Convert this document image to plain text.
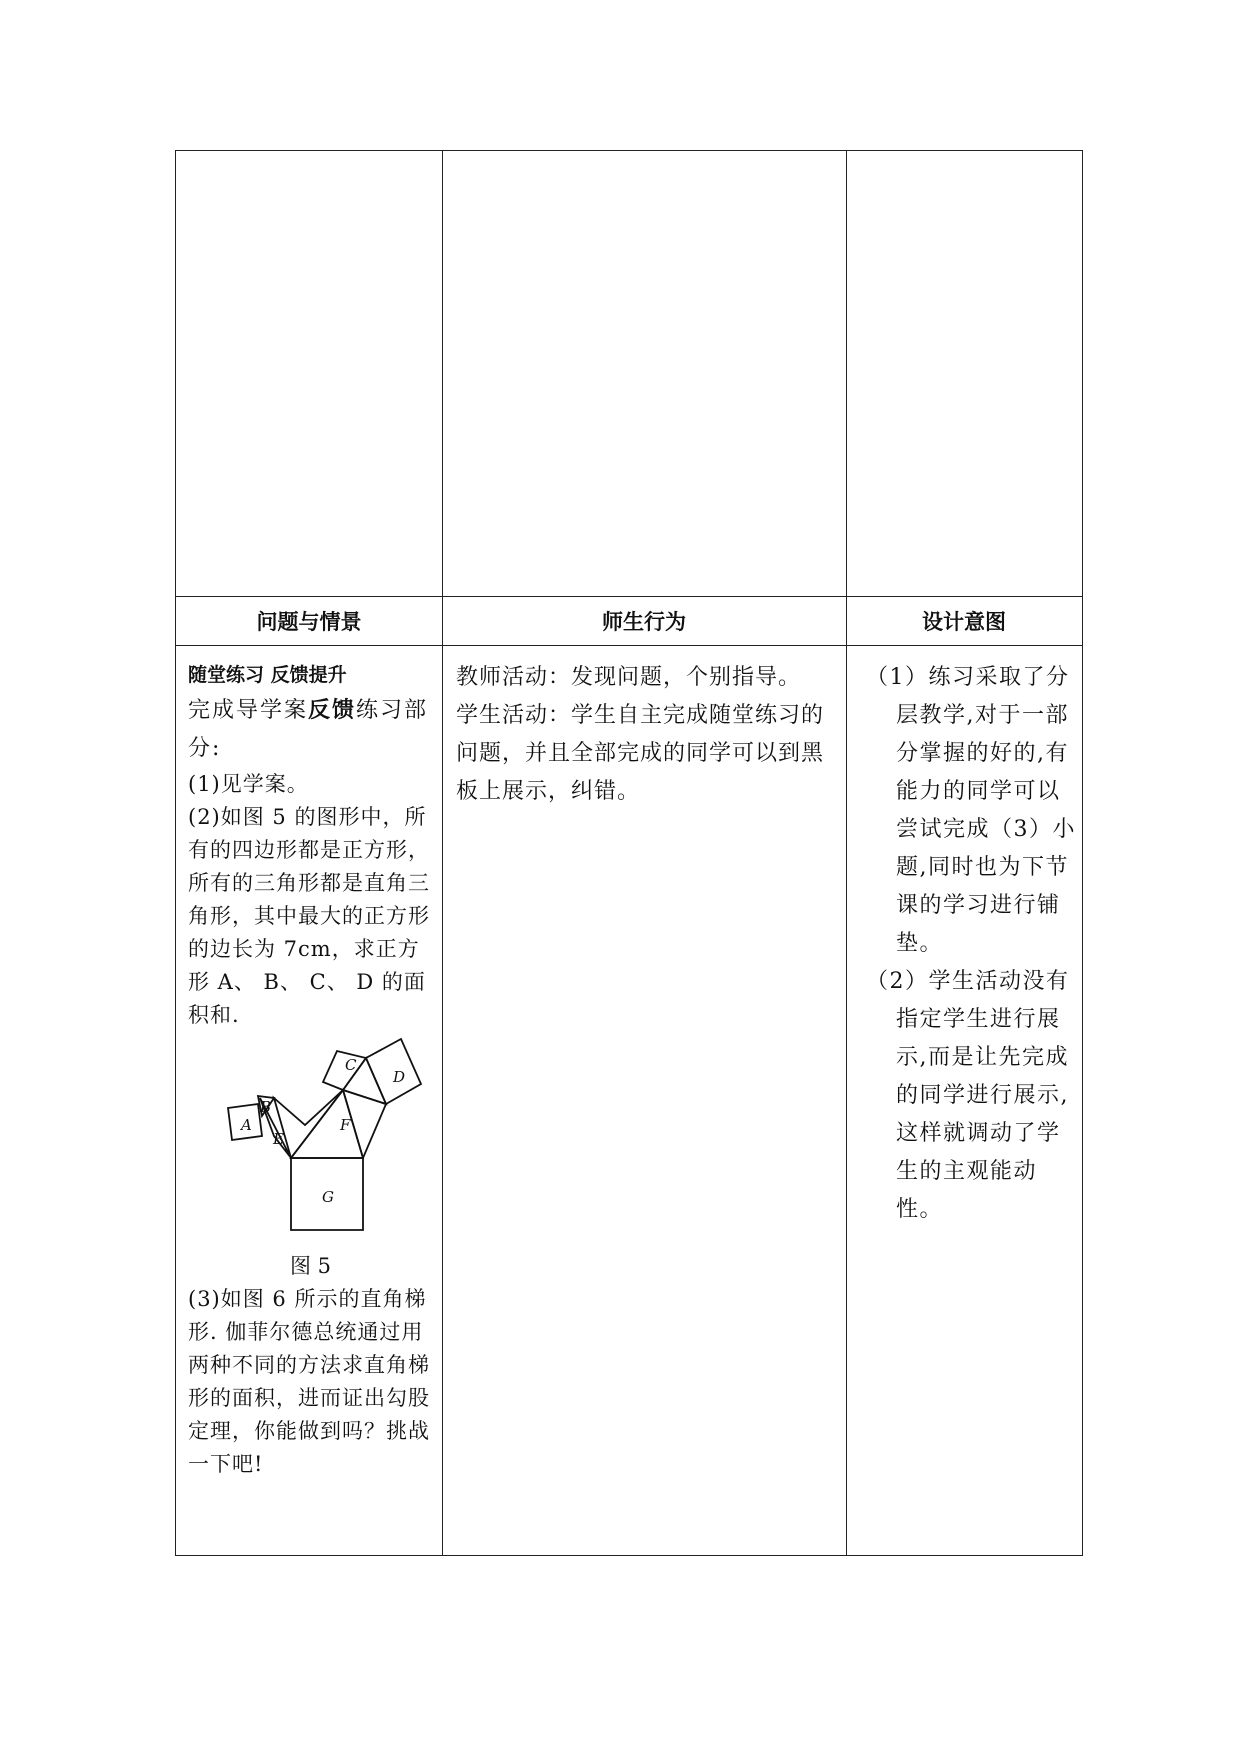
问题与情景	师生行为	设计意图
随堂练习 反馈提升
完成导学案反馈练习部分:
(1)见学案。
(2)如图 5 的图形中，所有的四边形都是正方形，所有的三角形都是直角三角形，其中最大的正方形的边长为 7cm，求正方形 A、 B、 C、 D 的面积和.
A
B
C
D
E
F
G
图 5
(3)如图 6 所示的直角梯形. 伽菲尔德总统通过用两种不同的方法求直角梯形的面积，进而证出勾股定理，你能做到吗？挑战一下吧!
教师活动：发现问题，个别指导。
学生活动：学生自主完成随堂练习的问题，并且全部完成的同学可以到黑板上展示，纠错。
（1）练习采取了分层教学,对于一部分掌握的好的,有能力的同学可以尝试完成（3）小题,同时也为下节课的学习进行铺垫。
（2）学生活动没有指定学生进行展示,而是让先完成的同学进行展示,这样就调动了学生的主观能动性。
